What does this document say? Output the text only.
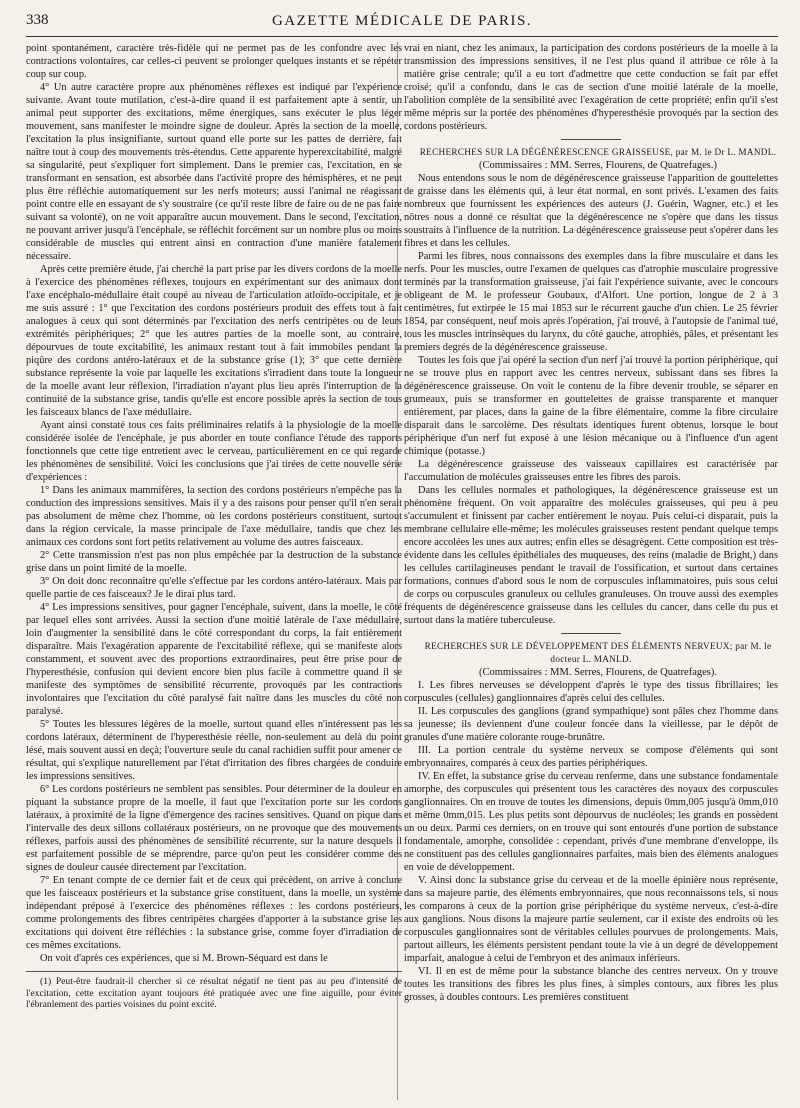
338	GAZETTE MÉDICALE DE PARIS.

point spontanément, caractère très-fidèle qui ne permet pas de les confondre avec les contractions volontaires, car celles-ci peuvent se prolonger quelques instants et se répéter coup sur coup.

4° Un autre caractère propre aux phénomènes réflexes est indiqué par l'expérience suivante. Avant toute mutilation, c'est-à-dire quand il est parfaitement apte à sentir, un animal peut supporter des excitations, même énergiques, sans exécuter le plus léger mouvement, sans manifester le moindre signe de douleur. Après la section de la moelle, l'excitation la plus insignifiante, surtout quand elle porte sur les pattes de derrière, fait naître tout à coup des mouvements très-étendus. Cette apparente hyperexcitabilité, malgré sa singularité, peut s'expliquer fort simplement. Dans le premier cas, l'excitation, en se transformant en sensation, est absorbée dans l'activité propre des hémisphères, et ne peut plus être réfléchie automatiquement sur les nerfs moteurs; aussi l'animal ne réagissant point contre elle en essayant de s'y soustraire (ce qu'il reste libre de faire ou de ne pas faire suivant sa volonté), on ne voit apparaître aucun mouvement. Dans le second, l'excitation, ne pouvant arriver jusqu'à l'encéphale, se réfléchit forcément sur un nombre plus ou moins considérable de muscles qui entrent ainsi en contraction d'une manière fatalement nécessaire.

Après cette première étude, j'ai cherché la part prise par les divers cordons de la moelle à l'exercice des phénomènes réflexes, toujours en expérimentant sur des animaux dont l'axe encéphalo-médullaire était coupé au niveau de l'articulation atloïdo-occipitale, et je me suis assuré : 1° que l'excitation des cordons postérieurs produit des effets tout à fait analogues à ceux qui sont déterminés par l'excitation des nerfs centripètes ou de leurs extrémités périphériques; 2° que les autres parties de la moelle sont, au contraire, dépourvues de toute excitabilité, les animaux restant tout à fait immobiles pendant la piqûre des cordons antéro-latéraux et de la substance grise (1); 3° que cette dernière substance représente la voie par laquelle les excitations s'irradient dans toute la longueur de la moelle avant leur réflexion, l'irradiation n'ayant plus lieu après l'interruption de la continuité de la substance grise, tandis qu'elle est encore possible après la section de tous les faisceaux blancs de l'axe médullaire.

Ayant ainsi constaté tous ces faits préliminaires relatifs à la physiologie de la moelle considérée isolée de l'encéphale, je pus aborder en toute confiance l'étude des rapports fonctionnels que cette tige entretient avec le cerveau, particulièrement en ce qui regarde les phénomènes de sensibilité. Voici les conclusions que j'ai tirées de cette nouvelle série d'expériences :

1° Dans les animaux mammifères, la section des cordons postérieurs n'empêche pas la conduction des impressions sensitives. Mais il y a des raisons pour penser qu'il n'en serait pas absolument de même chez l'homme, où les cordons postérieurs constituent, surtout dans la région cervicale, la masse principale de l'axe médullaire, tandis que chez les animaux ces cordons sont fort petits relativement au volume des autres faisceaux.

2° Cette transmission n'est pas non plus empêchée par la destruction de la substance grise dans un point limité de la moelle.

3° On doit donc reconnaître qu'elle s'effectue par les cordons antéro-latéraux. Mais par quelle partie de ces faisceaux? Je le dirai plus tard.

4° Les impressions sensitives, pour gagner l'encéphale, suivent, dans la moelle, le côté par lequel elles sont arrivées. Aussi la section d'une moitié latérale de l'axe médullaire, loin d'augmenter la sensibilité dans le côté correspondant du corps, la fait entièrement disparaître. Mais l'exagération apparente de l'excitabilité réflexe, qui se manifeste alors constamment, et souvent avec des proportions extraordinaires, peut être prise pour de l'hyperesthésie, confusion qui devient encore bien plus facile à commettre quand il se manifeste des symptômes de sensibilité récurrente, provoqués par les contractions involontaires que l'excitation du côté paralysé fait naître dans les muscles du côté non paralysé.

5° Toutes les blessures légères de la moelle, surtout quand elles n'intéressent pas les cordons latéraux, déterminent de l'hyperesthésie réelle, non-seulement au delà du point lésé, mais souvent aussi en deçà; l'ouverture seule du canal rachidien suffit pour amener ce résultat, qui s'explique naturellement par l'état d'irritation des fibres chargées de conduire les impressions sensitives.

6° Les cordons postérieurs ne semblent pas sensibles. Pour déterminer de la douleur en piquant la substance propre de la moelle, il faut que l'excitation porte sur les cordons latéraux, à proximité de la ligne d'émergence des racines sensitives. Quand on pique dans l'intervalle des deux sillons collatéraux postérieurs, on ne provoque que des mouvements réflexes, parfois aussi des phénomènes de sensibilité récurrente, sur la nature desquels il est parfaitement possible de se méprendre, parce qu'on peut les considérer comme des signes de douleur causée directement par l'excitation.

7° En tenant compte de ce dernier fait et de ceux qui précèdent, on arrive à conclure que les faisceaux postérieurs et la substance grise constituent, dans la moelle, un système indépendant préposé à l'exercice des phénomènes réflexes : les cordons postérieurs, comme prolongements des fibres centripètes chargées d'apporter à la substance grise les excitations qui doivent être réfléchies : la substance grise, comme foyer d'irradiation de ces mêmes excitations.

On voit d'après ces expériences, que si M. Brown-Séquard est dans le

(1) Peut-être faudrait-il chercher si ce résultat négatif ne tient pas au peu d'intensité de l'excitation, cette excitation ayant toujours été pratiquée avec une fine aiguille, pour éviter l'ébranlement des parties voisines du point excité.

vrai en niant, chez les animaux, la participation des cordons postérieurs de la moelle à la transmission des impressions sensitives, il ne l'est plus quand il attribue ce rôle à la matière grise centrale; qu'il a eu tort d'admettre que cette conduction se fait par effet croisé; qu'il a confondu, dans le cas de section d'une moitié latérale de la moelle, l'abolition complète de la sensibilité avec l'exagération de cette propriété; enfin qu'il s'est même mépris sur la portée des phénomènes d'hyperesthésie provoqués par la section des cordons postérieurs.

RECHERCHES SUR LA DÉGÉNÉRESCENCE GRAISSEUSE, par M. le Dr L. MANDL.

(Commissaires : MM. Serres, Flourens, de Quatrefages.)

Nous entendons sous le nom de dégénérescence graisseuse l'apparition de gouttelettes de graisse dans les éléments qui, à leur état normal, en sont privés. L'examen des faits nombreux que fournissent les expériences des auteurs (J. Guérin, Wagner, etc.) et les nôtres nous a donné ce résultat que la dégénérescence ne s'opère que dans les tissus soustraits à l'influence de la nutrition. La dégénérescence graisseuse peut s'opérer dans les fibres et dans les cellules.

Parmi les fibres, nous connaissons des exemples dans la fibre musculaire et dans les nerfs. Pour les muscles, outre l'examen de quelques cas d'atrophie musculaire progressive terminés par la transformation graisseuse, j'ai fait l'expérience suivante, avec le concours obligeant de M. le professeur Goubaux, d'Alfort. Une portion, longue de 2 à 3 centimètres, fut extirpée le 15 mai 1853 sur le récurrent gauche d'un chien. Le 25 février 1854, par conséquent, neuf mois après l'opération, j'ai trouvé, à l'autopsie de l'animal tué, tous les muscles intrinsèques du larynx, du côté gauche, atrophiés, pâles, et présentant les premiers degrés de la dégénérescence graisseuse.

Toutes les fois que j'ai opéré la section d'un nerf j'ai trouvé la portion périphérique, qui ne se trouve plus en rapport avec les centres nerveux, subissant dans ses fibres la dégénérescence graisseuse. On voit le contenu de la fibre devenir trouble, se séparer en grumeaux, puis se transformer en gouttelettes de graisse transparente et manquer entièrement, par places, dans la gaine de la fibre élémentaire, comme la fibre circulaire disparait dans le sarcolème. Des résultats identiques furent obtenus, lorsque le bout périphérique d'un nerf fut exposé à une lésion mécanique ou à l'influence d'un agent chimique (potasse.)

La dégénérescence graisseuse des vaisseaux capillaires est caractérisée par l'accumulation de molécules graisseuses entre les fibres des parois.

Dans les cellules normales et pathologiques, la dégénérescence graisseuse est un phénomène fréquent. On voit apparaître des molécules graisseuses, qui peu à peu s'accumulent et finissent par cacher entièrement le noyau. Puis celui-ci disparait, puis la membrane cellulaire elle-même; les molécules graisseuses restent pendant quelque temps encore accolées les unes aux autres; enfin elles se désagrègent. Cette composition est très-évidente dans les cellules épithéliales des muqueuses, des reins (maladie de Bright,) dans les cellules cartilagineuses pendant le travail de l'ossification, et surtout dans certaines formations, connues d'abord sous le nom de corpuscules inflammatoires, puis sous celui de corps ou corpuscules granuleux ou cellules granuleuses. On trouve aussi des exemples fréquents de dégénérescence graisseuse dans les cellules du cancer, dans celle du pus et surtout dans la matière tuberculeuse.

RECHERCHES SUR LE DÉVELOPPEMENT DES ÉLÉMENTS NERVEUX; par M. le docteur L. MANLD.

(Commissaires : MM. Serres, Flourens, de Quatrefages).

I. Les fibres nerveuses se développent d'après le type des tissus fibrillaires; les corpuscules (cellules) ganglionnaires d'après celui des cellules.

II. Les corpuscules des ganglions (grand sympathique) sont pâles chez l'homme dans sa jeunesse; ils deviennent d'une couleur foncée dans la vieillesse, par le dépôt de granules d'une matière colorante rouge-brunâtre.

III. La portion centrale du système nerveux se compose d'éléments qui sont embryonnaires, comparés à ceux des parties périphériques.

IV. En effet, la substance grise du cerveau renferme, dans une substance fondamentale amorphe, des corpuscules qui présentent tous les caractères des noyaux des corpuscules ganglionnaires. On en trouve de toutes les dimensions, depuis 0mm,005 jusqu'à 0mm,010 et même 0mm,015. Les plus petits sont dépourvus de nucléoles; les grands en possèdent un ou deux. Parmi ces derniers, on en trouve qui sont entourés d'une portion de substance fondamentale, amorphe, consolidée : cependant, privés d'une membrane d'enveloppe, ils ne constituent pas des cellules ganglionnaires parfaites, mais bien des éléments analogues en voie de développement.

V. Ainsi donc la substance grise du cerveau et de la moelle épinière nous représente, dans sa majeure partie, des éléments embryonnaires, que nous reconnaissons tels, si nous les comparons à ceux de la portion grise périphérique du système nerveux, c'est-à-dire aux ganglions. Nous disons la majeure partie seulement, car il existe des endroits où les corpuscules ganglionnaires sont de véritables cellules pourvues de prolongements. Mais, partout ailleurs, les éléments persistent pendant toute la vie à un degré de développement imparfait, analogue à celui de l'embryon et des animaux inférieurs.

VI. Il en est de même pour la substance blanche des centres nerveux. On y trouve toutes les transitions des fibres les plus fines, à simples contours, aux fibres les plus grosses, à doubles contours. Les premières constituent
